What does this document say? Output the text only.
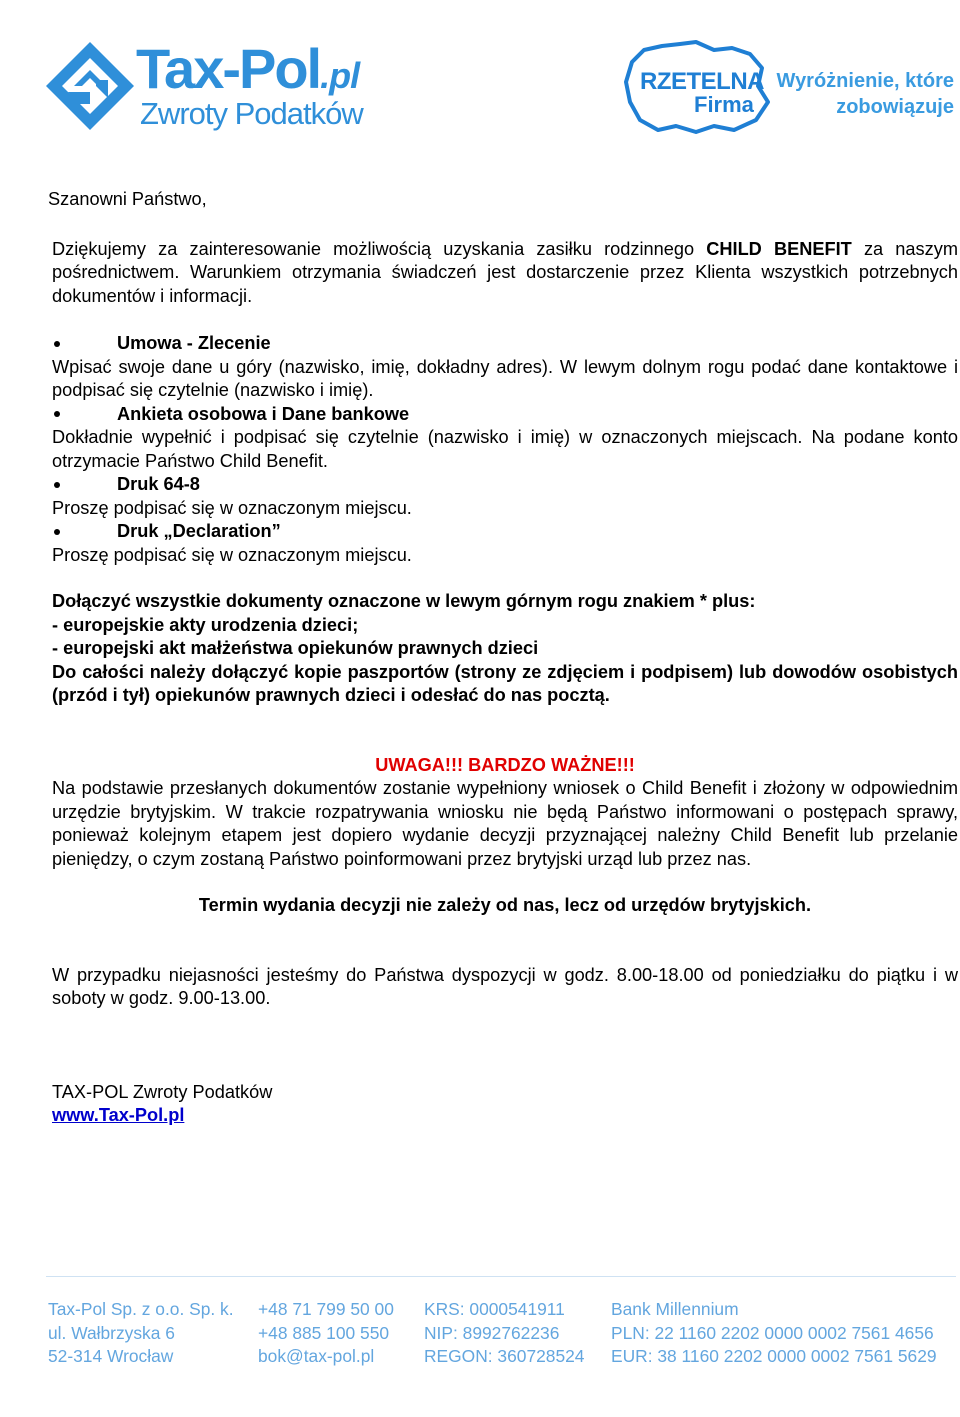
Tax-Pol.pl
Zwroty Podatków
RZETELNA
Firma
Wyróżnienie, które
zobowiązuje

Szanowni Państwo,

Dziękujemy za zainteresowanie możliwością uzyskania zasiłku rodzinnego CHILD BENEFIT za naszym pośrednictwem. Warunkiem otrzymania świadczeń jest dostarczenie przez Klienta wszystkich potrzebnych dokumentów i informacji.

Umowa - Zlecenie

Wpisać swoje dane u góry (nazwisko, imię, dokładny adres). W lewym dolnym rogu podać dane kontaktowe i podpisać się czytelnie (nazwisko i imię).

Ankieta osobowa i Dane bankowe

Dokładnie wypełnić i podpisać się czytelnie (nazwisko i imię) w oznaczonych miejscach. Na podane konto otrzymacie Państwo Child Benefit.

Druk 64-8

Proszę podpisać się w oznaczonym miejscu.

Druk „Declaration”

Proszę podpisać się w oznaczonym miejscu.

Dołączyć wszystkie dokumenty oznaczone w lewym górnym rogu znakiem * plus:

- europejskie akty urodzenia dzieci;

- europejski akt małżeństwa opiekunów prawnych dzieci

Do całości należy dołączyć kopie paszportów (strony ze zdjęciem i podpisem) lub dowodów osobistych (przód i tył) opiekunów prawnych dzieci i odesłać do nas pocztą.

UWAGA!!! BARDZO WAŻNE!!!

Na podstawie przesłanych dokumentów zostanie wypełniony wniosek o Child Benefit i złożony w odpowiednim urzędzie brytyjskim. W trakcie rozpatrywania wniosku nie będą Państwo informowani o postępach sprawy, ponieważ kolejnym etapem jest dopiero wydanie decyzji przyznającej należny Child Benefit lub przelanie pieniędzy, o czym zostaną Państwo poinformowani przez brytyjski urząd lub przez nas.

Termin wydania decyzji nie zależy od nas, lecz od urzędów brytyjskich.

W przypadku niejasności jesteśmy do Państwa dyspozycji w godz. 8.00-18.00 od poniedziałku do piątku i w soboty w godz. 9.00-13.00.

TAX-POL Zwroty Podatków

www.Tax-Pol.pl
Tax-Pol Sp. z o.o. Sp. k.
ul. Wałbrzyska 6
52-314 Wrocław
+48 71 799 50 00
+48 885 100 550
bok@tax-pol.pl
KRS: 0000541911
NIP: 8992762236
REGON: 360728524
Bank Millennium
PLN: 22 1160 2202 0000 0002 7561 4656
EUR: 38 1160 2202 0000 0002 7561 5629
